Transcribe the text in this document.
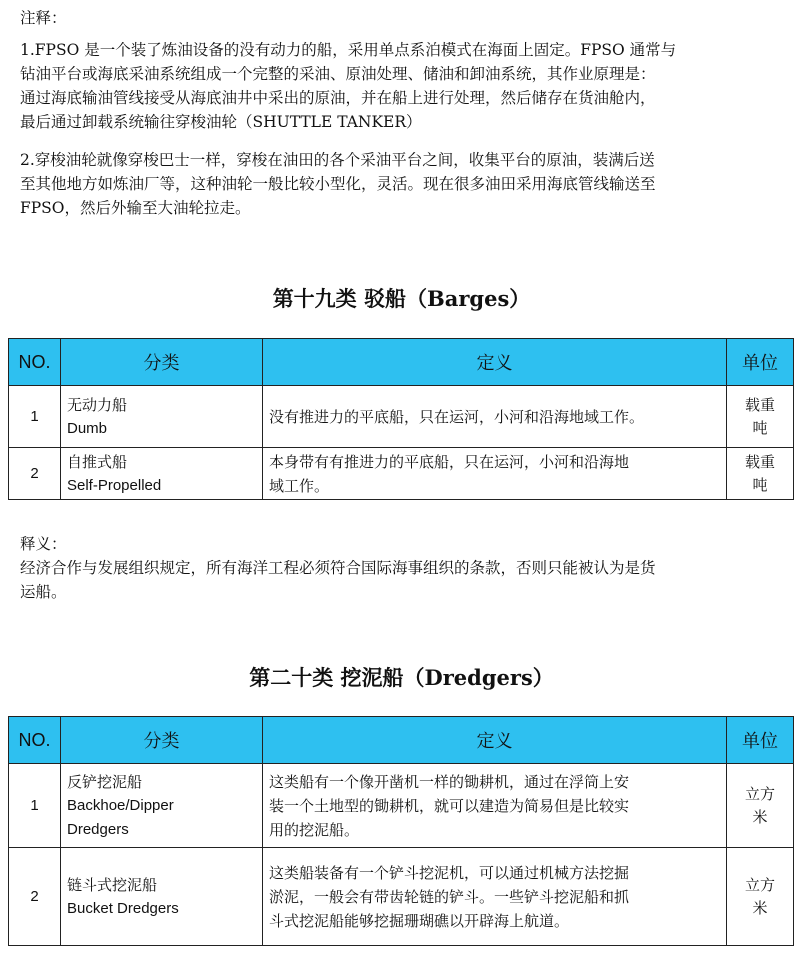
注释：

1.FPSO 是一个装了炼油设备的没有动力的船，采用单点系泊模式在海面上固定。FPSO 通常与
钻油平台或海底采油系统组成一个完整的采油、原油处理、储油和卸油系统，其作业原理是：
通过海底输油管线接受从海底油井中采出的原油，并在船上进行处理，然后储存在货油舱内，
最后通过卸载系统输往穿梭油轮（SHUTTLE TANKER）

2.穿梭油轮就像穿梭巴士一样，穿梭在油田的各个采油平台之间，收集平台的原油，装满后送
至其他地方如炼油厂等，这种油轮一般比较小型化，灵活。现在很多油田采用海底管线输送至
FPSO，然后外输至大油轮拉走。

第十九类 驳船（Barges）
NO.	分类	定义	单位
1	无动力船
Dumb	没有推进力的平底船，只在运河，小河和沿海地域工作。	载重
吨

2	自推式船
Self-Propelled	本身带有有推进力的平底船，只在运河，小河和沿海地
域工作。	载重
吨

释义：
经济合作与发展组织规定，所有海洋工程必须符合国际海事组织的条款，否则只能被认为是货
运船。

第二十类 挖泥船（Dredgers）
NO.	分类	定义	单位
1	反铲挖泥船
Backhoe/Dipper
Dredgers	这类船有一个像开凿机一样的锄耕机，通过在浮筒上安
装一个土地型的锄耕机，就可以建造为简易但是比较实
用的挖泥船。	立方
米

2	链斗式挖泥船
Bucket Dredgers	这类船装备有一个铲斗挖泥机，可以通过机械方法挖掘
淤泥，一般会有带齿轮链的铲斗。一些铲斗挖泥船和抓
斗式挖泥船能够挖掘珊瑚礁以开辟海上航道。	立方
米
